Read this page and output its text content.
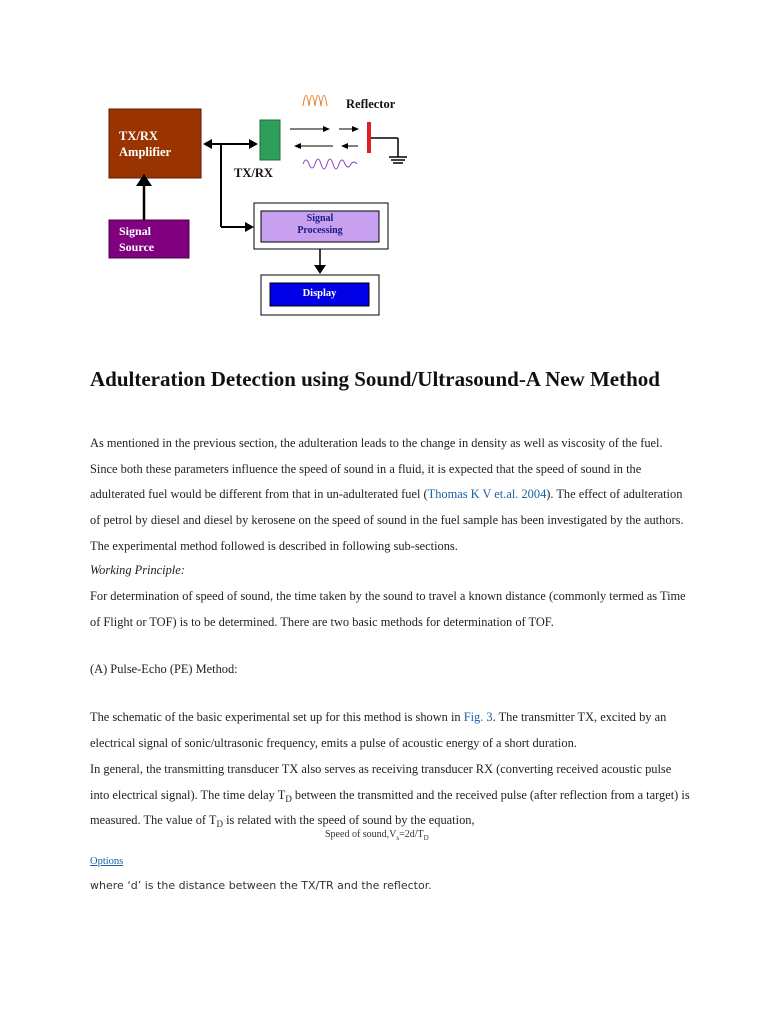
TX/RX
Amplifier
Signal
Source
TX/RX
Reflector
Signal
Processing
Display
Adulteration Detection using Sound/Ultrasound-A New Method

As mentioned in the previous section, the adulteration leads to the change in density as well as viscosity of the fuel. Since both these parameters influence the speed of sound in a fluid, it is expected that the speed of sound in the adulterated fuel would be different from that in un-adulterated fuel (Thomas K V et.al. 2004). The effect of adulteration of petrol by diesel and diesel by kerosene on the speed of sound in the fuel sample has been investigated by the authors. The experimental method followed is described in following sub-sections.

Working Principle:

For determination of speed of sound, the time taken by the sound to travel a known distance (commonly termed as Time of Flight or TOF) is to be determined. There are two basic methods for determination of TOF.

(A) Pulse-Echo (PE) Method:

The schematic of the basic experimental set up for this method is shown in Fig. 3. The transmitter TX, excited by an electrical signal of sonic/ultrasonic frequency, emits a pulse of acoustic energy of a short duration.

In general, the transmitting transducer TX also serves as receiving transducer RX (converting received acoustic pulse into electrical signal). The time delay $T_D$ between the transmitted and the received pulse (after reflection from a target) is measured. The value of $T_D$ is related with the speed of sound by the equation,

Speed of $sound,V_s=2d/T_D$
Options
where ‘d’ is the distance between the TX/TR and the reflector.
